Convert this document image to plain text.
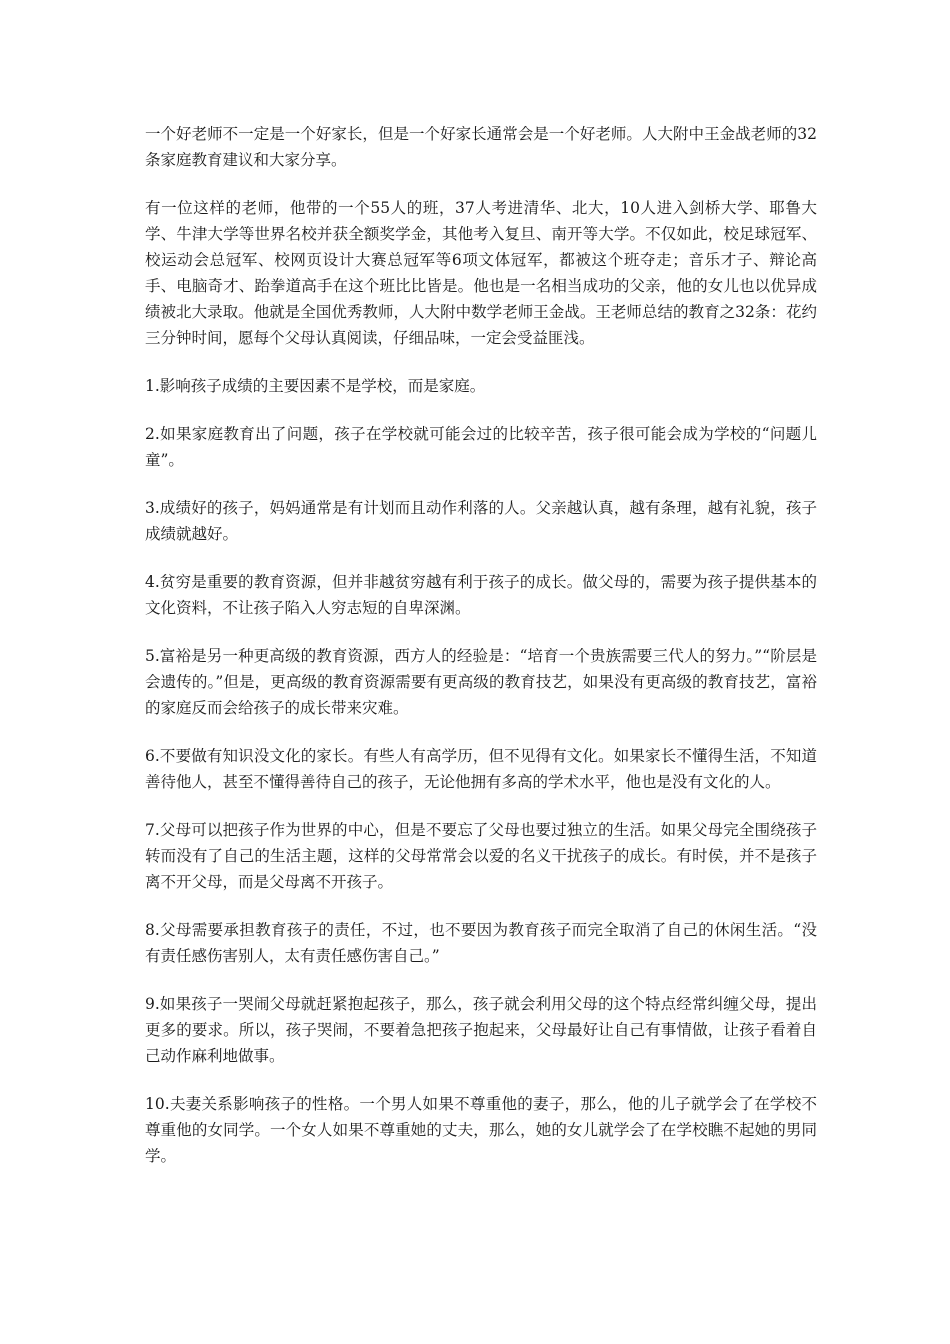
一个好老师不一定是一个好家长，但是一个好家长通常会是一个好老师。人大附中王金战老师的32条家庭教育建议和大家分享。

有一位这样的老师，他带的一个55人的班，37人考进清华、北大，10人进入剑桥大学、耶鲁大学、牛津大学等世界名校并获全额奖学金，其他考入复旦、南开等大学。不仅如此，校足球冠军、校运动会总冠军、校网页设计大赛总冠军等6项文体冠军，都被这个班夺走；音乐才子、辩论高手、电脑奇才、跆拳道高手在这个班比比皆是。他也是一名相当成功的父亲，他的女儿也以优异成绩被北大录取。他就是全国优秀教师，人大附中数学老师王金战。王老师总结的教育之32条：花约三分钟时间，愿每个父母认真阅读，仔细品味，一定会受益匪浅。

1.影响孩子成绩的主要因素不是学校，而是家庭。

2.如果家庭教育出了问题，孩子在学校就可能会过的比较辛苦，孩子很可能会成为学校的“问题儿童”。

3.成绩好的孩子，妈妈通常是有计划而且动作利落的人。父亲越认真，越有条理，越有礼貌，孩子成绩就越好。

4.贫穷是重要的教育资源，但并非越贫穷越有利于孩子的成长。做父母的，需要为孩子提供基本的文化资料，不让孩子陷入人穷志短的自卑深渊。

5.富裕是另一种更高级的教育资源，西方人的经验是：“培育一个贵族需要三代人的努力。”“阶层是会遗传的。”但是，更高级的教育资源需要有更高级的教育技艺，如果没有更高级的教育技艺，富裕的家庭反而会给孩子的成长带来灾难。

6.不要做有知识没文化的家长。有些人有高学历，但不见得有文化。如果家长不懂得生活，不知道善待他人，甚至不懂得善待自己的孩子，无论他拥有多高的学术水平，他也是没有文化的人。

7.父母可以把孩子作为世界的中心，但是不要忘了父母也要过独立的生活。如果父母完全围绕孩子转而没有了自己的生活主题，这样的父母常常会以爱的名义干扰孩子的成长。有时侯，并不是孩子离不开父母，而是父母离不开孩子。

8.父母需要承担教育孩子的责任，不过，也不要因为教育孩子而完全取消了自己的休闲生活。“没有责任感伤害别人，太有责任感伤害自己。”

9.如果孩子一哭闹父母就赶紧抱起孩子，那么，孩子就会利用父母的这个特点经常纠缠父母，提出更多的要求。所以，孩子哭闹，不要着急把孩子抱起来，父母最好让自己有事情做，让孩子看着自己动作麻利地做事。

10.夫妻关系影响孩子的性格。一个男人如果不尊重他的妻子，那么，他的儿子就学会了在学校不尊重他的女同学。一个女人如果不尊重她的丈夫，那么，她的女儿就学会了在学校瞧不起她的男同学。
